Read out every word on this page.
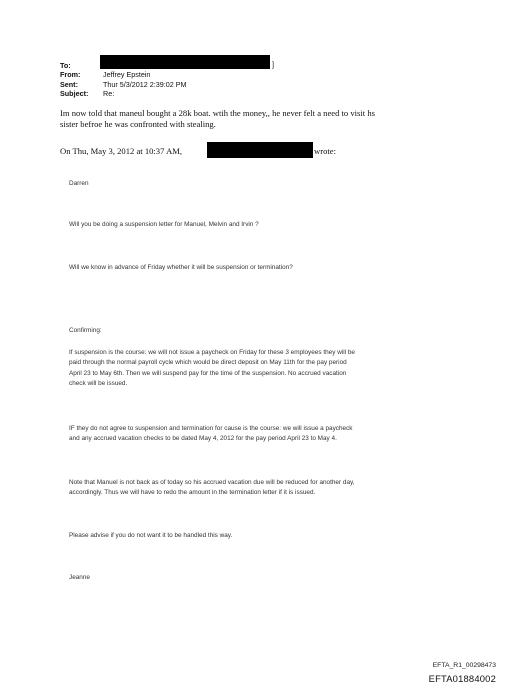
To:
From:	Jeffrey Epstein
Sent:	Thur 5/3/2012 2:39:02 PM
Subject:	Re:
]

Im now told that maneul bought a 28k boat. wtih the money,, he never felt a need to visit hs

sister befroe he was confronted with stealing.

On Thu, May 3, 2012 at 10:37 AM,	wrote:
Darren
Will you be doing a suspension letter for Manuel, Melvin and Irvin ?
Will we know in advance of Friday whether it will be suspension or termination?
Confirming:
If suspension is the course: we will not issue a paycheck on Friday for these 3 employees they will be
paid through the normal payroll cycle which would be direct deposit on May 11th for the pay period
April 23 to May 6th. Then we will suspend pay for the time of the suspension. No accrued vacation
check will be issued.
IF they do not agree to suspension and termination for cause is the course: we will issue a paycheck
and any accrued vacation checks to be dated May 4, 2012 for the pay period April 23 to May 4.
Note that Manuel is not back as of today so his accrued vacation due will be reduced for another day,
accordingly. Thus we will have to redo the amount in the termination letter if it is issued.
Please advise if you do not want it to be handled this way.
Jeanne
EFTA_R1_00298473
EFTA01884002
